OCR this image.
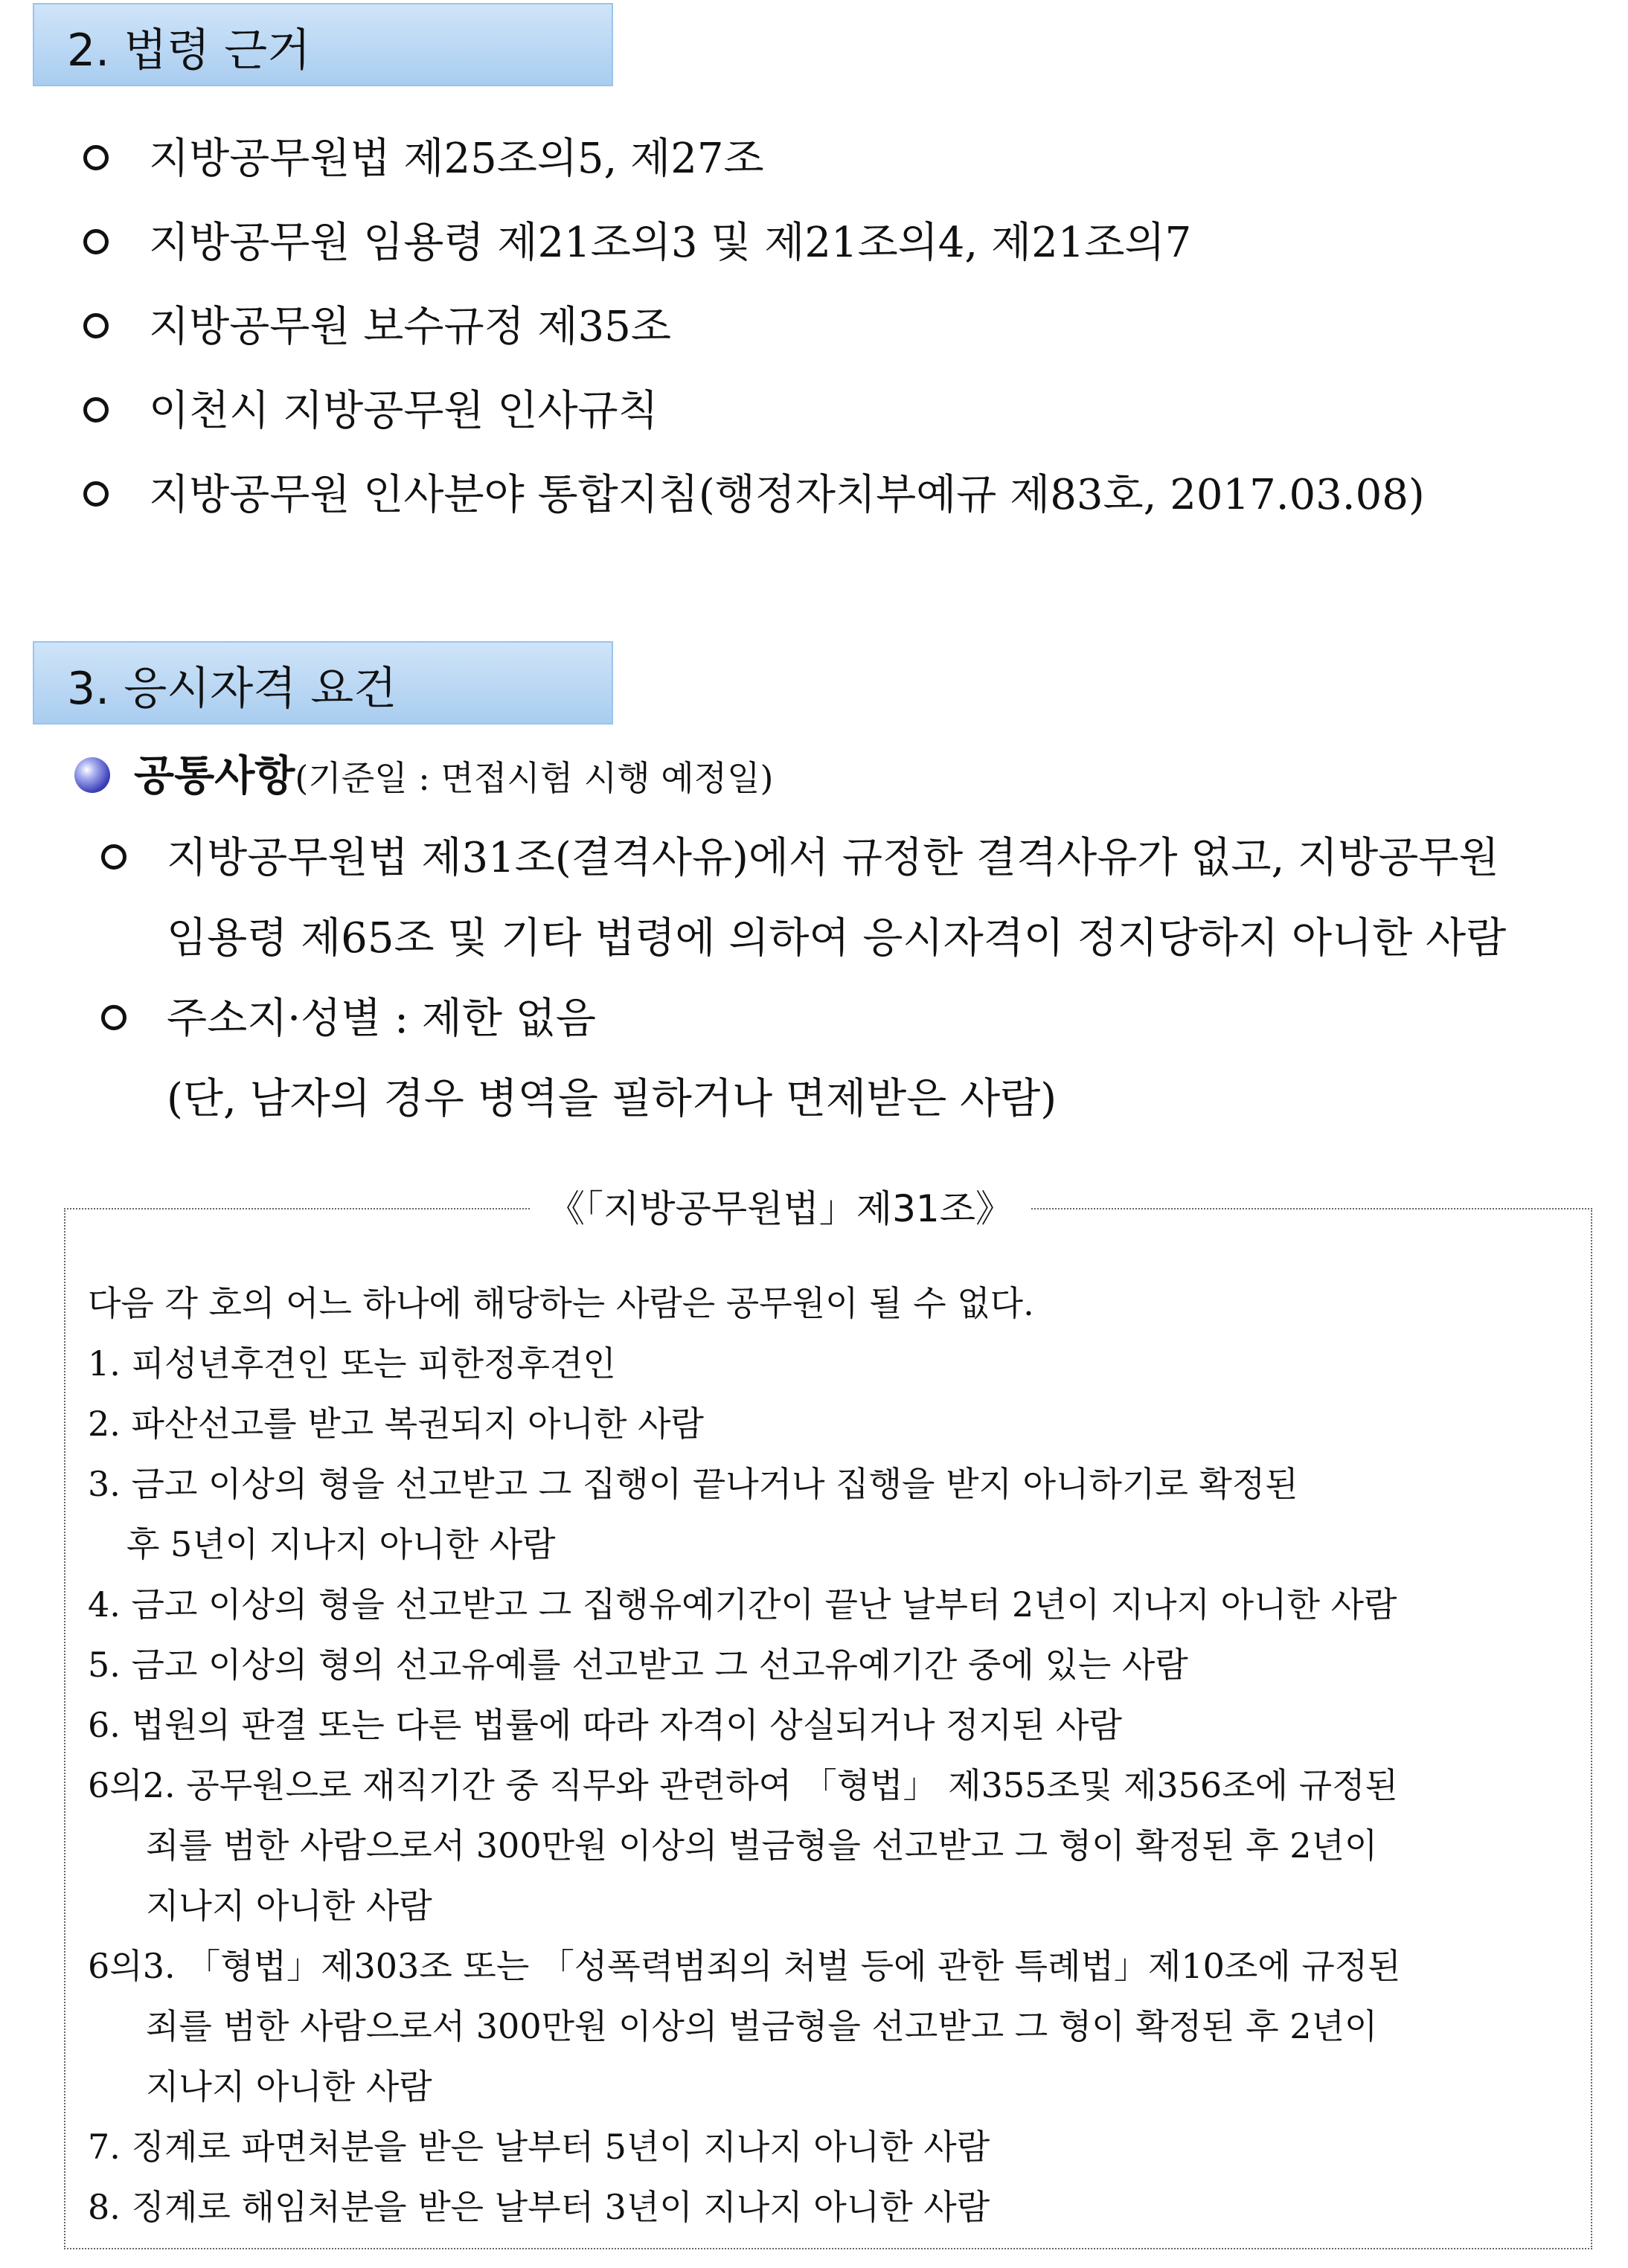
2. 법령 근거
지방공무원법 제25조의5, 제27조
지방공무원 임용령 제21조의3 및 제21조의4, 제21조의7
지방공무원 보수규정 제35조
이천시 지방공무원 인사규칙
지방공무원 인사분야 통합지침(행정자치부예규 제83호, 2017.03.08)
3. 응시자격 요건
공통사항(기준일 : 면접시험 시행 예정일)
지방공무원법 제31조(결격사유)에서 규정한 결격사유가 없고, 지방공무원
임용령 제65조 및 기타 법령에 의하여 응시자격이 정지당하지 아니한 사람
주소지·성별 : 제한 없음
(단, 남자의 경우 병역을 필하거나 면제받은 사람)
《「지방공무원법」제31조》
다음 각 호의 어느 하나에 해당하는 사람은 공무원이 될 수 없다.
1. 피성년후견인 또는 피한정후견인
2. 파산선고를 받고 복권되지 아니한 사람
3. 금고 이상의 형을 선고받고 그 집행이 끝나거나 집행을 받지 아니하기로 확정된
후 5년이 지나지 아니한 사람
4. 금고 이상의 형을 선고받고 그 집행유예기간이 끝난 날부터 2년이 지나지 아니한 사람
5. 금고 이상의 형의 선고유예를 선고받고 그 선고유예기간 중에 있는 사람
6. 법원의 판결 또는 다른 법률에 따라 자격이 상실되거나 정지된 사람
6의2. 공무원으로 재직기간 중 직무와 관련하여 「형법」 제355조및 제356조에 규정된
죄를 범한 사람으로서 300만원 이상의 벌금형을 선고받고 그 형이 확정된 후 2년이
지나지 아니한 사람
6의3. 「형법」제303조 또는 「성폭력범죄의 처벌 등에 관한 특례법」제10조에 규정된
죄를 범한 사람으로서 300만원 이상의 벌금형을 선고받고 그 형이 확정된 후 2년이
지나지 아니한 사람
7. 징계로 파면처분을 받은 날부터 5년이 지나지 아니한 사람
8. 징계로 해임처분을 받은 날부터 3년이 지나지 아니한 사람
